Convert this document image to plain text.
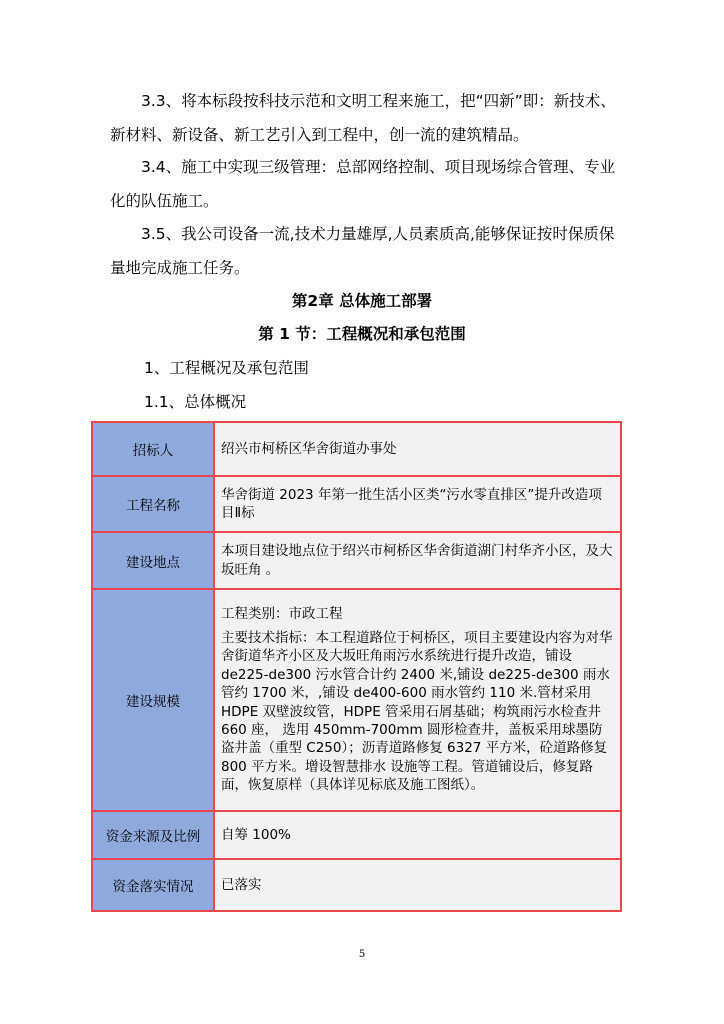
3.3、将本标段按科技示范和文明工程来施工，把“四新”即：新技术、新材料、新设备、新工艺引入到工程中，创一流的建筑精品。

3.4、施工中实现三级管理：总部网络控制、项目现场综合管理、专业化的队伍施工。

3.5、我公司设备一流,技术力量雄厚,人员素质高,能够保证按时保质保量地完成施工任务。

第2章 总体施工部署

第 1 节：工程概况和承包范围

1、工程概况及承包范围

1.1、总体概况

招标人	绍兴市柯桥区华舍街道办事处
工程名称	华舍街道 2023 年第一批生活小区类“污水零直排区”提升改造项目Ⅱ标
建设地点	本项目建设地点位于绍兴市柯桥区华舍街道湖门村华齐小区，及大坂旺角 。
建设规模	工程类别：市政工程

主要技术指标：本工程道路位于柯桥区，项目主要建设内容为对华舍街道华齐小区及大坂旺角雨污水系统进行提升改造，铺设 de225-de300 污水管合计约 2400 米,铺设 de225-de300 雨水管约 1700 米，,铺设 de400-600 雨水管约 110 米.管材采用 HDPE 双壁波纹管，HDPE 管采用石屑基础；构筑雨污水检查井 660 座， 选用 450mm-700mm 圆形检查井，盖板采用球墨防盗井盖（重型 C250）；沥青道路修复 6327 平方米，砼道路修复 800 平方米。增设智慧排水 设施等工程。管道铺设后，修复路面，恢复原样（具体详见标底及施工图纸）。

资金来源及比例	自筹 100%
资金落实情况	已落实
5
